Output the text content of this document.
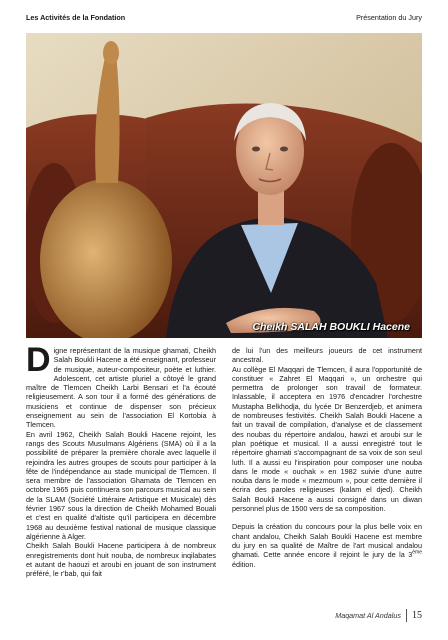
Les Activités de la Fondation	Présentation du Jury
Cheikh SALAH BOUKLI Hacene

Digne représentant de la musique ghamati, Cheikh Salah Boukli Hacene a été enseignant, professeur de musique, auteur-compositeur, poète et luthier. Adolescent, cet artiste pluriel a côtoyé le grand maître de Tlemcen Cheikh Larbi Bensari et l'a écouté religieusement. A son tour il a formé des générations de musiciens et continue de dispenser son précieux enseignement au sein de l'association El Kortobia à Tlemcen.

En avril 1962, Cheikh Salah Boukli Hacene rejoint, les rangs des Scouts Musulmans Algériens (SMA) où il a la possibilité de préparer la première chorale avec laquelle il rejoindra les autres groupes de scouts pour participer à la fête de l'indépendance au stade municipal de Tlemcen. Il sera membre de l'association Ghamata de Tlemcen en octobre 1965 puis continuera son parcours musical au sein de la SLAM (Société Littéraire Artistique et Musicale) dès février 1967 sous la direction de Cheikh Mohamed Bouali et c'est en qualité d'altiste qu'il participera en décembre 1968 au deuxième festival national de musique classique algérienne à Alger.

Cheikh Salah Boukli Hacene participera à de nombreux enregistrements dont huit nouba, de nombreux inqilabates et autant de haouzi et aroubi en jouant de son instrument préféré, le r'bab, qui fait

de lui l'un des meilleurs joueurs de cet instrument ancestral.

Au collège El Maqqari de Tlemcen, il aura l'opportunité de constituer « Zahret El Maqqari », un orchestre qui permettra de prolonger son travail de formateur. Inlassable, il acceptera en 1976 d'encadrer l'orchestre Mustapha Belkhodja, du lycée Dr Benzerdjeb, et animera de nombreuses festivités. Cheikh Salah Boukli Hacene a fait un travail de compilation, d'analyse et de classement des noubas du répertoire andalou, hawzi et aroubi sur le plan poétique et musical. Il a aussi enregistré tout le répertoire gharnati s'accompagnant de sa voix de son seul luth. Il a aussi eu l'inspiration pour composer une nouba dans le mode « ouchak » en 1982 suivie d'une autre nouba dans le mode « mezmoum », pour cette dernière il écrira des paroles religieuses (kalam el djed). Cheikh Salah Boukli Hacene a aussi consigné dans un diwan personnel plus de 1500 vers de sa composition.

Depuis la création du concours pour la plus belle voix en chant andalou, Cheikh Salah Boukli Hacene est membre du jury en sa qualité de Maître de l'art musical andalou ghamati. Cette année encore il rejoint le jury de la 3ème édition.

Maqamat Al Andalus 15
